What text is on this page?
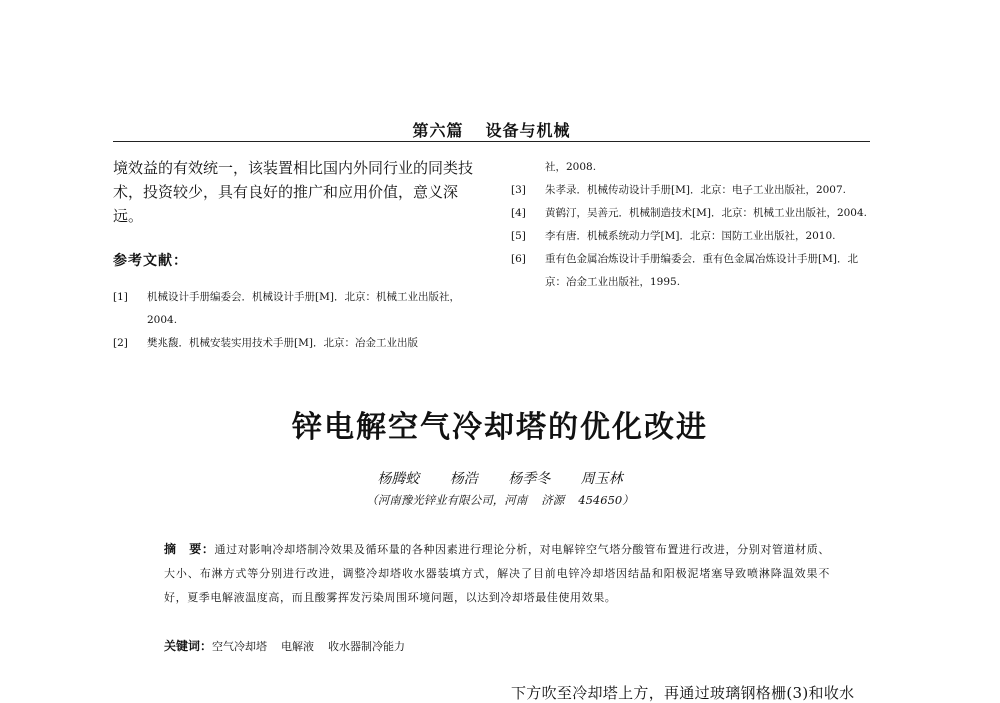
第六篇 设备与机械

境效益的有效统一，该装置相比国内外同行业的同类技术，投资较少，具有良好的推广和应用价值，意义深远。

参考文献：
[1] 机械设计手册编委会．机械设计手册[M]．北京：机械工业出版社，2004.
[2] 樊兆馥．机械安装实用技术手册[M]．北京：冶金工业出版
社，2008.
[3] 朱孝录．机械传动设计手册[M]．北京：电子工业出版社，2007.
[4] 黄鹤汀，吴善元．机械制造技术[M]．北京：机械工业出版社，2004.
[5] 李有唐．机械系统动力学[M]．北京：国防工业出版社，2010.
[6] 重有色金属冶炼设计手册编委会．重有色金属冶炼设计手册[M]．北京：冶金工业出版社，1995.
锌电解空气冷却塔的优化改进
杨腾蛟 杨浩 杨季冬 周玉林
（河南豫光锌业有限公司，河南 济源 454650）
摘　要：通过对影响冷却塔制冷效果及循环量的各种因素进行理论分析，对电解锌空气塔分酸管布置进行改进，分别对管道材质、大小、布淋方式等分别进行改进，调整冷却塔收水器装填方式，解决了目前电锌冷却塔因结晶和阳极泥堵塞导致喷淋降温效果不好，夏季电解液温度高，而且酸雾挥发污染周围环境问题，以达到冷却塔最佳使用效果。
关键词：空气冷却塔 电解液 收水器制冷能力
下方吹至冷却塔上方，再通过玻璃钢格栅(3)和收水
